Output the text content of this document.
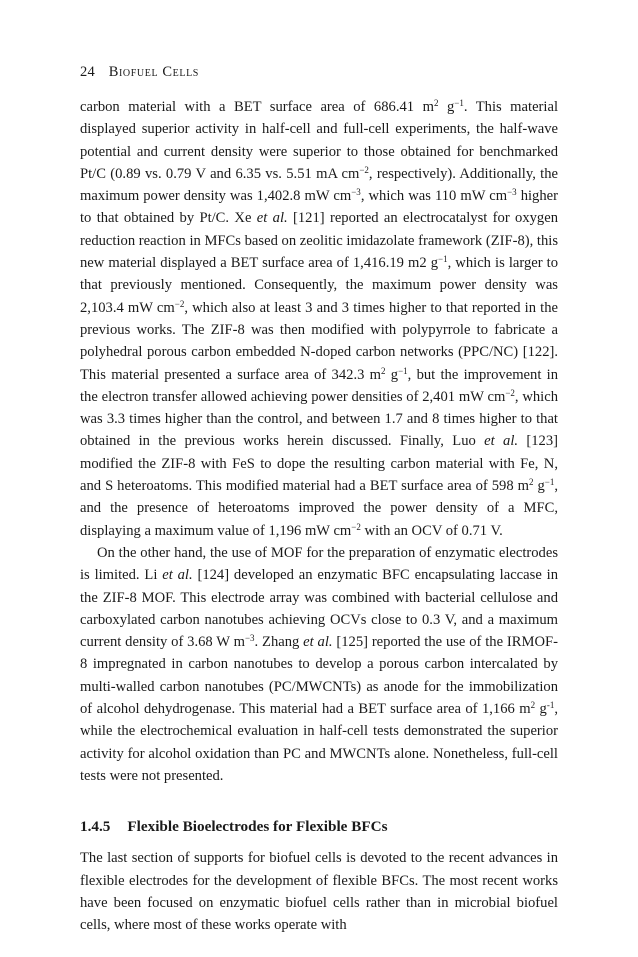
24 Biofuel Cells

carbon material with a BET surface area of 686.41 $m^2$ $g^{-1}$. This material displayed superior activity in half-cell and full-cell experiments, the half-wave potential and current density were superior to those obtained for benchmarked Pt/C (0.89 vs. 0.79 V and 6.35 vs. 5.51 mA $cm^{-2}$, respectively). Additionally, the maximum power density was 1,402.8 mW $cm^{-3}$, which was 110 mW $cm^{-3}$ higher to that obtained by Pt/C. Xe et al. [121] reported an electrocatalyst for oxygen reduction reaction in MFCs based on zeolitic imidazolate framework (ZIF-8), this new material displayed a BET surface area of 1,416.19 m2 $g^{-1}$, which is larger to that previously mentioned. Consequently, the maximum power density was 2,103.4 mW $cm^{-2}$, which also at least 3 and 3 times higher to that reported in the previous works. The ZIF-8 was then modified with polypyrrole to fabricate a polyhedral porous carbon embedded N-doped carbon networks (PPC/NC) [122]. This material presented a surface area of 342.3 $m^2$ $g^{-1}$, but the improvement in the electron transfer allowed achieving power densities of 2,401 mW $cm^{-2}$, which was 3.3 times higher than the control, and between 1.7 and 8 times higher to that obtained in the previous works herein discussed. Finally, Luo et al. [123] modified the ZIF-8 with FeS to dope the resulting carbon material with Fe, N, and S heteroatoms. This modified material had a BET surface area of 598 $m^2$ $g^{-1}$, and the presence of heteroatoms improved the power density of a MFC, displaying a maximum value of 1,196 mW $cm^{-2}$ with an OCV of 0.71 V.

On the other hand, the use of MOF for the preparation of enzymatic electrodes is limited. Li et al. [124] developed an enzymatic BFC encapsulating laccase in the ZIF-8 MOF. This electrode array was combined with bacterial cellulose and carboxylated carbon nanotubes achieving OCVs close to 0.3 V, and a maximum current density of 3.68 W $m^{-3}$. Zhang et al. [125] reported the use of the IRMOF-8 impregnated in carbon nanotubes to develop a porous carbon intercalated by multi-walled carbon nanotubes (PC/MWCNTs) as anode for the immobilization of alcohol dehydrogenase. This material had a BET surface area of 1,166 $m^2$ $g^{-1}$, while the electrochemical evaluation in half-cell tests demonstrated the superior activity for alcohol oxidation than PC and MWCNTs alone. Nonetheless, full-cell tests were not presented.

1.4.5 Flexible Bioelectrodes for Flexible BFCs

The last section of supports for biofuel cells is devoted to the recent advances in flexible electrodes for the development of flexible BFCs. The most recent works have been focused on enzymatic biofuel cells rather than in microbial biofuel cells, where most of these works operate with
